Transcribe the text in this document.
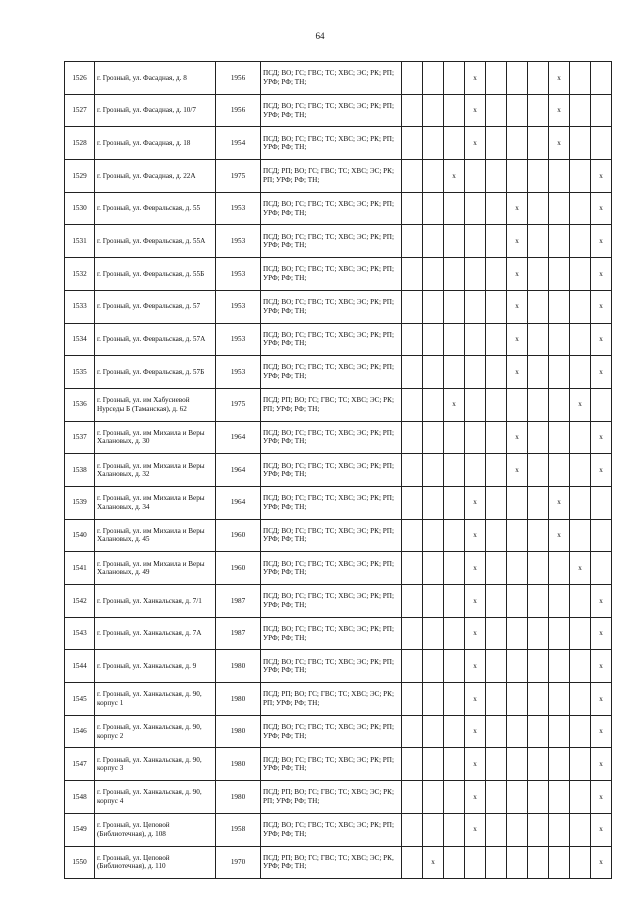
64
1526	г. Грозный, ул. Фасадная, д. 8	1956	ПСД; ВО; ГС; ГВС; ТС; ХВС; ЭС; РК; РП; УРФ; РФ; ТН;				x				x		
1527	г. Грозный, ул. Фасадная, д. 10/7	1956	ПСД; ВО; ГС; ГВС; ТС; ХВС; ЭС; РК; РП; УРФ; РФ; ТН;				x				x		
1528	г. Грозный, ул. Фасадная, д. 18	1954	ПСД; ВО; ГС; ГВС; ТС; ХВС; ЭС; РК; РП; УРФ; РФ; ТН;				x				x		
1529	г. Грозный, ул. Фасадная, д. 22А	1975	ПСД; РП; ВО; ГС; ГВС; ТС; ХВС; ЭС; РК; РП; УРФ; РФ; ТН;			x							x
1530	г. Грозный, ул. Февральская, д. 55	1953	ПСД; ВО; ГС; ГВС; ТС; ХВС; ЭС; РК; РП; УРФ; РФ; ТН;						x				x
1531	г. Грозный, ул. Февральская, д. 55А	1953	ПСД; ВО; ГС; ГВС; ТС; ХВС; ЭС; РК; РП; УРФ; РФ; ТН;						x				x
1532	г. Грозный, ул. Февральская, д. 55Б	1953	ПСД; ВО; ГС; ГВС; ТС; ХВС; ЭС; РК; РП; УРФ; РФ; ТН;						x				x
1533	г. Грозный, ул. Февральская, д. 57	1953	ПСД; ВО; ГС; ГВС; ТС; ХВС; ЭС; РК; РП; УРФ; РФ; ТН;						x				x
1534	г. Грозный, ул. Февральская, д. 57А	1953	ПСД; ВО; ГС; ГВС; ТС; ХВС; ЭС; РК; РП; УРФ; РФ; ТН;						x				x
1535	г. Грозный, ул. Февральская, д. 57Б	1953	ПСД; ВО; ГС; ГВС; ТС; ХВС; ЭС; РК; РП; УРФ; РФ; ТН;						x				x
1536	г. Грозный, ул. им Хабусиевой Нурседы Б (Таманская), д. 62	1975	ПСД; РП; ВО; ГС; ГВС; ТС; ХВС; ЭС; РК; РП; УРФ; РФ; ТН;			x						x	
1537	г. Грозный, ул. им Михаила и Веры Халановых, д. 30	1964	ПСД; ВО; ГС; ГВС; ТС; ХВС; ЭС; РК; РП; УРФ; РФ; ТН;						x				x
1538	г. Грозный, ул. им Михаила и Веры Халановых, д. 32	1964	ПСД; ВО; ГС; ГВС; ТС; ХВС; ЭС; РК; РП; УРФ; РФ; ТН;						x				x
1539	г. Грозный, ул. им Михаила и Веры Халановых, д. 34	1964	ПСД; ВО; ГС; ГВС; ТС; ХВС; ЭС; РК; РП; УРФ; РФ; ТН;				x				x		
1540	г. Грозный, ул. им Михаила и Веры Халановых, д. 45	1960	ПСД; ВО; ГС; ГВС; ТС; ХВС; ЭС; РК; РП; УРФ; РФ; ТН;				x				x		
1541	г. Грозный, ул. им Михаила и Веры Халановых, д. 49	1960	ПСД; ВО; ГС; ГВС; ТС; ХВС; ЭС; РК; РП; УРФ; РФ; ТН;				x					x	
1542	г. Грозный, ул. Ханкальская, д. 7/1	1987	ПСД; ВО; ГС; ГВС; ТС; ХВС; ЭС; РК; РП; УРФ; РФ; ТН;				x						x
1543	г. Грозный, ул. Ханкальская, д. 7А	1987	ПСД; ВО; ГС; ГВС; ТС; ХВС; ЭС; РК; РП; УРФ; РФ; ТН;				x						x
1544	г. Грозный, ул. Ханкальская, д. 9	1980	ПСД; ВО; ГС; ГВС; ТС; ХВС; ЭС; РК; РП; УРФ; РФ; ТН;				x						x
1545	г. Грозный, ул. Ханкальская, д. 90, корпус 1	1980	ПСД; РП; ВО; ГС; ГВС; ТС; ХВС; ЭС; РК; РП; УРФ; РФ; ТН;				x						x
1546	г. Грозный, ул. Ханкальская, д. 90, корпус 2	1980	ПСД; ВО; ГС; ГВС; ТС; ХВС; ЭС; РК; РП; УРФ; РФ; ТН;				x						x
1547	г. Грозный, ул. Ханкальская, д. 90, корпус 3	1980	ПСД; ВО; ГС; ГВС; ТС; ХВС; ЭС; РК; РП; УРФ; РФ; ТН;				x						x
1548	г. Грозный, ул. Ханкальская, д. 90, корпус 4	1980	ПСД; РП; ВО; ГС; ГВС; ТС; ХВС; ЭС; РК; РП; УРФ; РФ; ТН;				x						x
1549	г. Грозный, ул. Цеповой (Библиотечная), д. 108	1958	ПСД; ВО; ГС; ГВС; ТС; ХВС; ЭС; РК; РП; УРФ; РФ; ТН;				x						x
1550	г. Грозный, ул. Цеповой (Библиотечная), д. 110	1970	ПСД; РП; ВО; ГС; ГВС; ТС; ХВС; ЭС; РК, УРФ; РФ; ТН;		x								x
